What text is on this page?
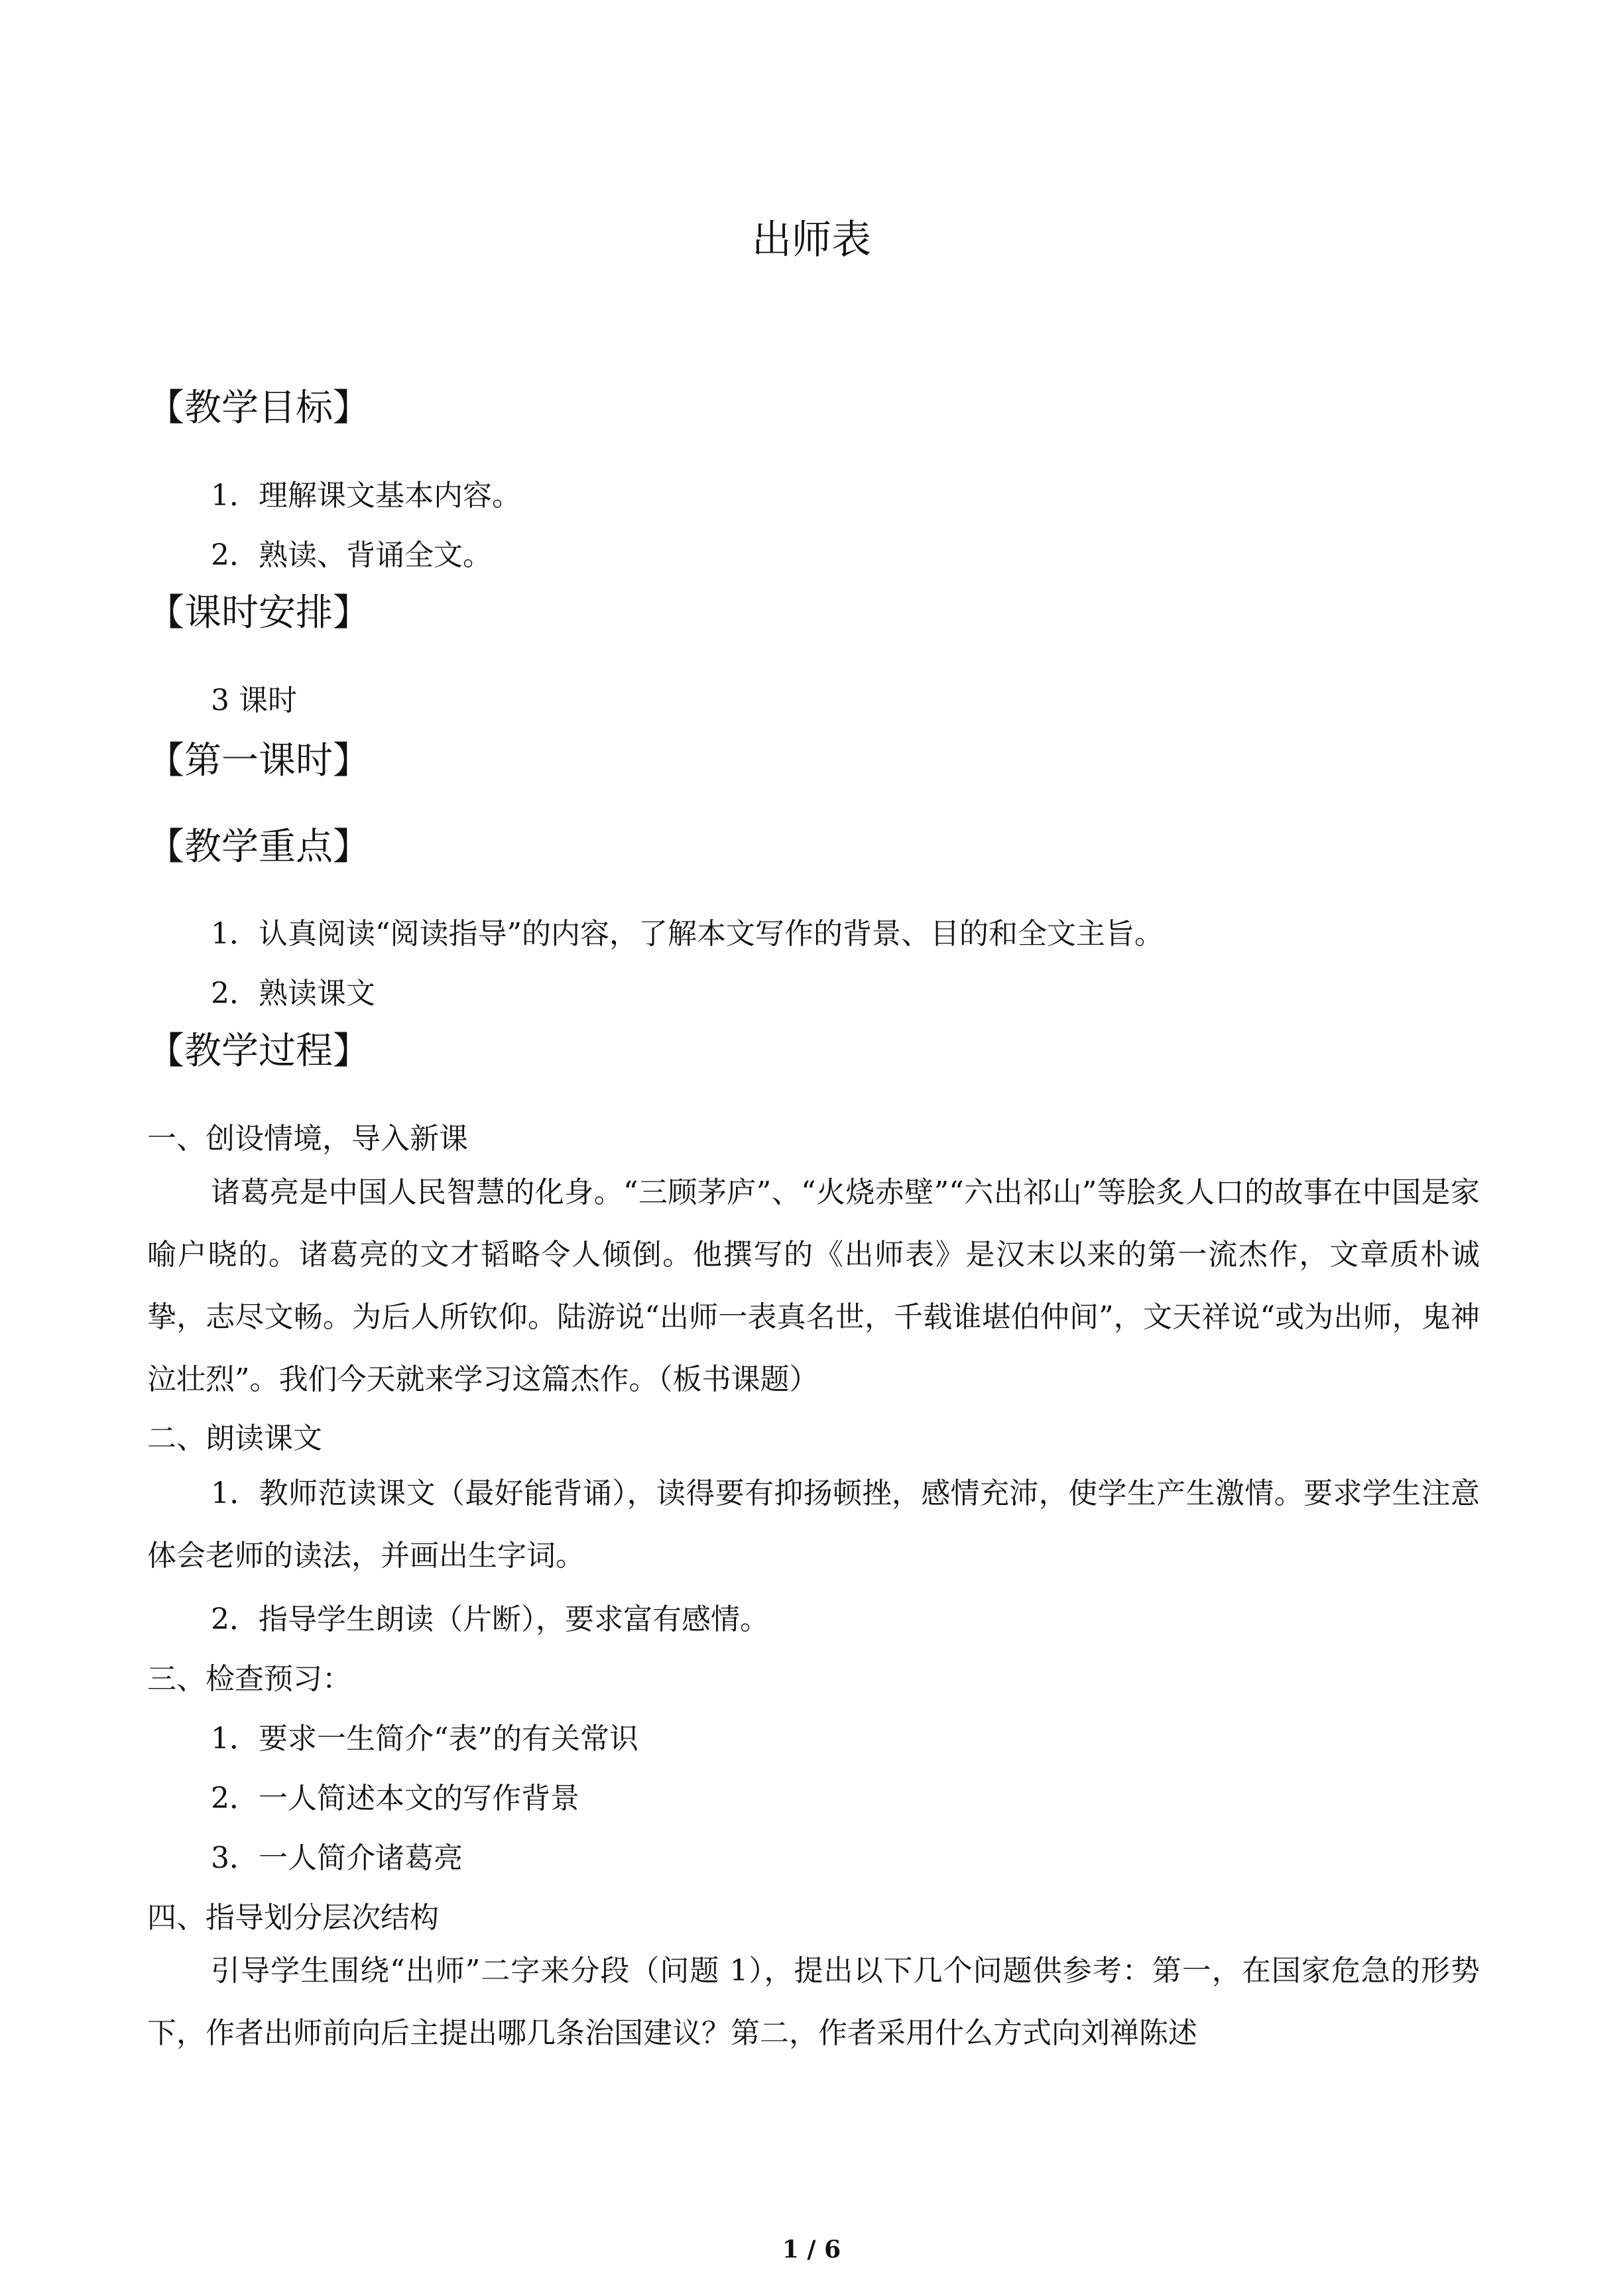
出师表
【教学目标】
1．理解课文基本内容。
2．熟读、背诵全文。
【课时安排】
3 课时
【第一课时】
【教学重点】
1．认真阅读“阅读指导”的内容，了解本文写作的背景、目的和全文主旨。
2．熟读课文
【教学过程】
一、创设情境，导入新课
诸葛亮是中国人民智慧的化身。“三顾茅庐”、“火烧赤壁”“六出祁山”等脍炙人口的故事在中国是家喻户晓的。诸葛亮的文才韬略令人倾倒。他撰写的《出师表》是汉末以来的第一流杰作，文章质朴诚挚，志尽文畅。为后人所钦仰。陆游说“出师一表真名世，千载谁堪伯仲间”，文天祥说“或为出师，鬼神泣壮烈”。我们今天就来学习这篇杰作。（板书课题）
二、朗读课文
1．教师范读课文（最好能背诵），读得要有抑扬顿挫，感情充沛，使学生产生激情。要求学生注意体会老师的读法，并画出生字词。
2．指导学生朗读（片断），要求富有感情。
三、检查预习：
1．要求一生简介“表”的有关常识
2．一人简述本文的写作背景
3．一人简介诸葛亮
四、指导划分层次结构
引导学生围绕“出师”二字来分段（问题 1），提出以下几个问题供参考：第一，在国家危急的形势下，作者出师前向后主提出哪几条治国建议？第二，作者采用什么方式向刘禅陈述
1 / 6
